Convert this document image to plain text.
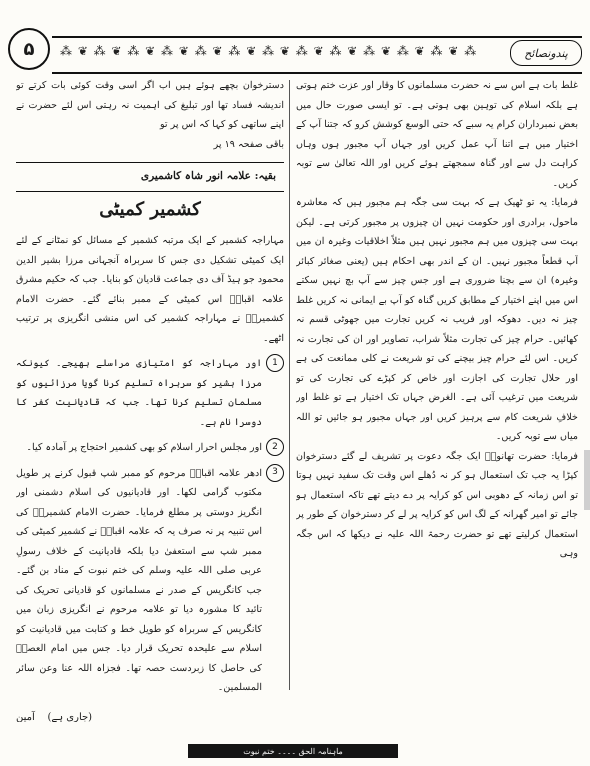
۵ ⁂ ❦ ⁂ ❦ ⁂ ❦ ⁂ ❦ ⁂ ❦ ⁂ ❦ ⁂ ❦ ⁂ ❦ ⁂ ❦ ⁂ ❦ ⁂ ❦ ⁂ ❦ ⁂	پندونصائح

غلط بات ہے اس سے نہ حضرت مسلمانوں کا وقار اور عزت ختم ہوتی ہے بلکہ اسلام کی توہین بھی ہوتی ہے۔ تو ایسی صورت حال میں بعض نمبرداران کرام یہ سبے کہ حتی الوسع کوشش کرو کہ جتنا آپ کے اختیار میں ہے اتنا آپ عمل کریں اور جہاں آپ مجبور ہوں وہاں کراہت دل سے اور گناہ سمجھتے ہوئے کریں اور اللہ تعالیٰ سے توبہ کریں۔

فرمایا: یہ تو ٹھیک ہے کہ بہت سی جگہ ہم مجبور ہیں کہ معاشرہ ماحول، برادری اور حکومت نہیں ان چیزوں پر مجبور کرتی ہے۔ لیکن بہت سی چیزوں میں ہم مجبور نہیں ہیں مثلاً اخلاقیات وغیرہ ان میں آپ قطعاً مجبور نہیں۔ ان کے اندر بھی احکام ہیں (یعنی صغائر کبائر وغیرہ) ان سے بچنا ضروری ہے اور جس چیز سے آپ بچ نہیں سکتے اس میں اپنے اختیار کے مطابق کریں گناہ کو آپ بے ایمانی نہ کریں غلط چیز نہ دیں۔ دھوکہ اور فریب نہ کریں تجارت میں جھوٹی قسم نہ کھائیں۔ حرام چیز کی تجارت مثلاً شراب، تصاویر اور ان کی تجارت نہ کریں۔ اس لئے حرام چیز بیچنے کی تو شریعت نے کلی ممانعت کی ہے اور حلال تجارت کی اجازت اور خاص کر کپڑے کی تجارت کی تو شریعت میں ترغیب آئی ہے۔ الغرض جہاں تک اختیار ہے تو غلط اور خلافِ شریعت کام سے پرہیز کریں اور جہاں مجبور ہو جائیں تو اللہ میاں سے توبہ کریں۔

فرمایا: حضرت تھانویؒ ایک جگہ دعوت پر تشریف لے گئے دسترخوان کپڑا یہ جب تک استعمال ہو کر نہ دُھلے اس وقت تک سفید نہیں ہوتا تو اس زمانہ کے دھوبی اس کو کرایہ پر دے دیتے تھے تاکہ استعمال ہو جائے تو امیر گھرانہ کے لگ اس کو کرایہ پر لے کر دسترخوان کے طور پر استعمال کرلیتے تھے تو حضرت رحمۃ اللہ علیہ نے دیکھا کہ اس جگہ وہی

دسترخوان بچھے ہوئے ہیں اب اگر اسی وقت کوئی بات کرتے تو اندیشہ فساد تھا اور تبلیغ کی اہمیت نہ رہتی اس لئے حضرت نے اپنے ساتھی کو کہا کہ اس پر تو

باقی صفحہ ۱۹ پر

بقیہ: علامہ انور شاہ کاشمیری
کشمیر کمیٹی

مہاراجہ کشمیر کے ایک مرتبہ کشمیر کے مسائل کو نمٹانے کے لئے ایک کمیٹی تشکیل دی جس کا سربراہ آنجہانی مرزا بشیر الدین محمود جو ہیڈ آف دی جماعت قادیان کو بنایا۔ جب کہ حکیم مشرق علامہ اقبالؒ اس کمیٹی کے ممبر بنائے گئے۔ حضرت الامام کشمیریؒ نے مہاراجہ کشمیر کی اس منشی انگریزی پر ترتیب اٹھے۔

1

اور مہاراجہ کو امتیازی مراسلے بھیجے۔ کیونکہ مرزا بشیر کو سربراہ تسلیم کرنا گویا مرزائیوں کو مسلمان تسلیم کرنا تھا۔ جب کہ قادیانیت کفر کا دوسرا نام ہے۔

2

اور مجلس احرار اسلام کو بھی کشمیر احتجاج پر آمادہ کیا۔

3

ادھر علامہ اقبالؒ مرحوم کو ممبر شپ قبول کرنے پر طویل مکتوب گرامی لکھا۔ اور قادیانیوں کی اسلام دشمنی اور انگریز دوستی پر مطلع فرمایا۔ حضرت الامام کشمیریؒ کی اس تنبیہ پر نہ صرف یہ کہ علامہ اقبالؒ نے کشمیر کمیٹی کی ممبر شپ سے استعفیٰ دیا بلکہ قادیانیت کے خلاف رسولِ عربی صلی اللہ علیہ وسلم کی ختم نبوت کے مناد بن گئے۔ جب کانگریس کے صدر نے مسلمانوں کو قادیانی تحریک کی تائید کا مشورہ دیا تو علامہ مرحوم نے انگریزی زبان میں کانگریس کے سربراہ کو طویل خط و کتابت میں قادیانیت کو اسلام سے علیحدہ تحریک قرار دیا۔ جس میں امام العصرؒ کی حاصل کا زبردست حصہ تھا۔ فجزاہ اللہ عنا وعن سائر المسلمین۔

(جاری ہے)    آمین
ماہنامہ الحق ۔۔۔۔ ختم نبوت
